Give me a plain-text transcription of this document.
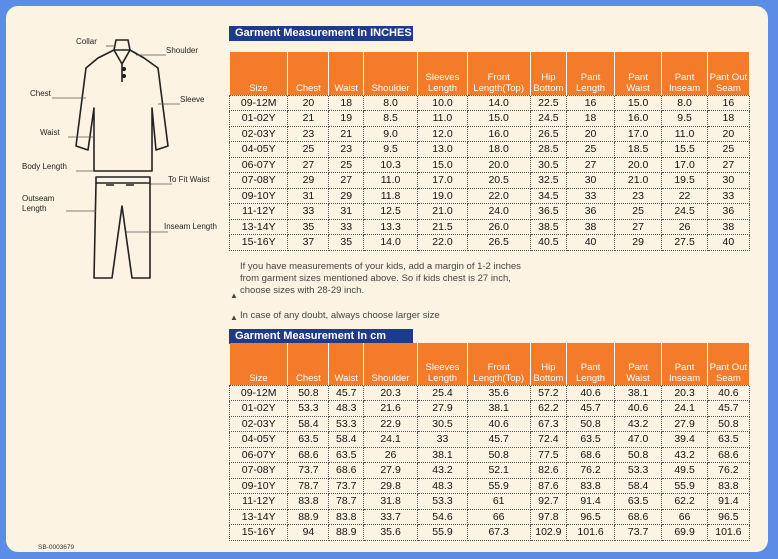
Collar
Shoulder
Chest
Sleeve
Waist
Body Length
To Fit Waist
Outseam Length
Inseam Length
Garment Measurement In INCHES
Size	Chest	Waist	Shoulder	Sleeves Length	Front Length(Top)	Hip Bottom	Pant Length	Pant Waist	Pant Inseam	Pant Out Seam
09-12M	20	18	8.0	10.0	14.0	22.5	16	15.0	8.0	16
01-02Y	21	19	8.5	11.0	15.0	24.5	18	16.0	9.5	18
02-03Y	23	21	9.0	12.0	16.0	26.5	20	17.0	11.0	20
04-05Y	25	23	9.5	13.0	18.0	28.5	25	18.5	15.5	25
06-07Y	27	25	10.3	15.0	20.0	30.5	27	20.0	17.0	27
07-08Y	29	27	11.0	17.0	20.5	32.5	30	21.0	19.5	30
09-10Y	31	29	11.8	19.0	22.0	34.5	33	23	22	33
11-12Y	33	31	12.5	21.0	24.0	36.5	36	25	24.5	36
13-14Y	35	33	13.3	21.5	26.0	38.5	38	27	26	38
15-16Y	37	35	14.0	22.0	26.5	40.5	40	29	27.5	40
If you have measurements of your kids, add a margin of 1-2 inches from garment sizes mentioned above. So if kids chest is 27 inch, choose sizes with 28-29 inch.
▲
In case of any doubt, always choose larger size
▲
Garment Measurement In cm
Size	Chest	Waist	Shoulder	Sleeves Length	Front Length(Top)	Hip Bottom	Pant Length	Pant Waist	Pant Inseam	Pant Out Seam
09-12M	50.8	45.7	20.3	25.4	35.6	57.2	40.6	38.1	20.3	40.6
01-02Y	53.3	48.3	21.6	27.9	38.1	62.2	45.7	40.6	24.1	45.7
02-03Y	58.4	53.3	22.9	30.5	40.6	67.3	50.8	43.2	27.9	50.8
04-05Y	63.5	58.4	24.1	33	45.7	72.4	63.5	47.0	39.4	63.5
06-07Y	68.6	63.5	26	38.1	50.8	77.5	68.6	50.8	43.2	68.6
07-08Y	73.7	68.6	27.9	43.2	52.1	82.6	76.2	53.3	49.5	76.2
09-10Y	78.7	73.7	29.8	48.3	55.9	87.6	83.8	58.4	55.9	83.8
11-12Y	83.8	78.7	31.8	53.3	61	92.7	91.4	63.5	62.2	91.4
13-14Y	88.9	83.8	33.7	54.6	66	97.8	96.5	68.6	66	96.5
15-16Y	94	88.9	35.6	55.9	67.3	102.9	101.6	73.7	69.9	101.6
SB-0003679
